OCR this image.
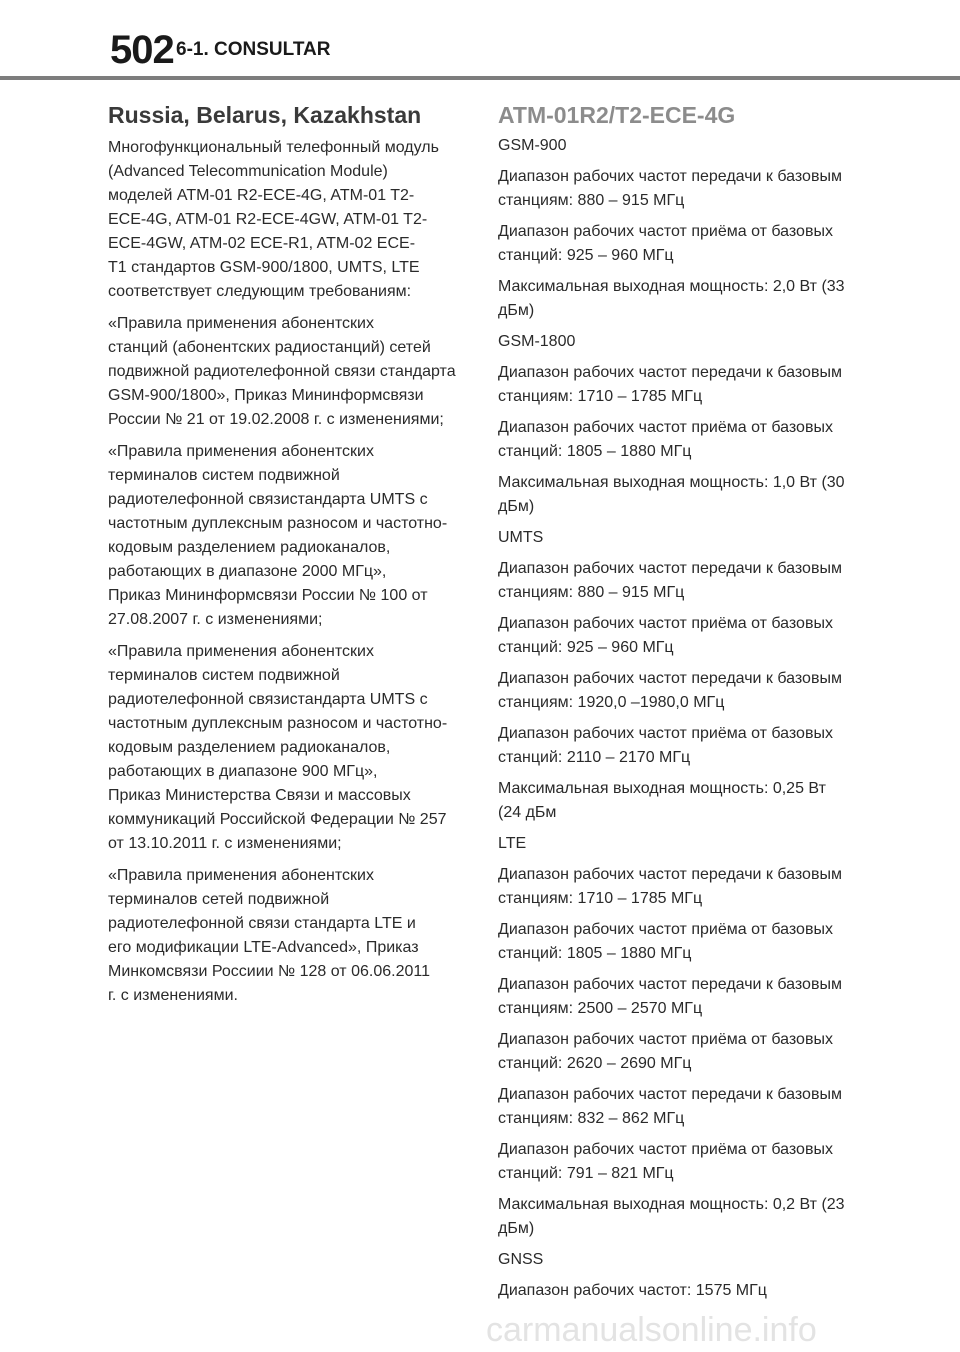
502 6-1. CONSULTAR
Russia, Belarus, Kazakhstan
Многофункциональный телефонный модуль
(Advanced Telecommunication Module)
моделей ATM-01 R2-ECE-4G, ATM-01 T2-
ECE-4G, ATM-01 R2-ECE-4GW, ATM-01 T2-
ECE-4GW, ATM-02 ECE-R1, ATM-02 ECE-
T1 стандартов GSM-900/1800, UMTS, LTE
соответствует следующим требованиям:
«Правила применения абонентских
станций (абонентских радиостанций) сетей
подвижной радиотелефонной связи стандарта
GSM-900/1800», Приказ Мининформсвязи
России № 21 от 19.02.2008 г. с изменениями;
«Правила применения абонентских
терминалов систем подвижной
радиотелефонной связистандарта UMTS с
частотным дуплексным разносом и частотно-
кодовым разделением радиоканалов,
работающих в диапазоне 2000 МГц»,
Приказ Мининформсвязи России № 100 от
27.08.2007 г. с изменениями;
«Правила применения абонентских
терминалов систем подвижной
радиотелефонной связистандарта UMTS с
частотным дуплексным разносом и частотно-
кодовым разделением радиоканалов,
работающих в диапазоне 900 МГц»,
Приказ Министерства Связи и массовых
коммуникаций Российской Федерации № 257
от 13.10.2011 г. с изменениями;
«Правила применения абонентских
терминалов сетей подвижной
радиотелефонной связи стандарта LTE и
его модификации LTE-Advanced», Приказ
Минкомсвязи Россиии № 128 от 06.06.2011
г. с изменениями.
ATM-01R2/T2-ECE-4G
GSM-900
Диапазон рабочих частот передачи к базовым
станциям: 880 – 915 МГц
Диапазон рабочих частот приёма от базовых
станций: 925 – 960 МГц
Максимальная выходная мощность: 2,0 Вт (33
дБм)
GSM-1800
Диапазон рабочих частот передачи к базовым
станциям: 1710 – 1785 МГц
Диапазон рабочих частот приёма от базовых
станций: 1805 – 1880 МГц
Максимальная выходная мощность: 1,0 Вт (30
дБм)
UMTS
Диапазон рабочих частот передачи к базовым
станциям: 880 – 915 МГц
Диапазон рабочих частот приёма от базовых
станций: 925 – 960 МГц
Диапазон рабочих частот передачи к базовым
станциям: 1920,0 –1980,0 МГц
Диапазон рабочих частот приёма от базовых
станций: 2110 – 2170 МГц
Максимальная выходная мощность: 0,25 Вт
(24 дБм
LTE
Диапазон рабочих частот передачи к базовым
станциям: 1710 – 1785 МГц
Диапазон рабочих частот приёма от базовых
станций: 1805 – 1880 МГц
Диапазон рабочих частот передачи к базовым
станциям: 2500 – 2570 МГц
Диапазон рабочих частот приёма от базовых
станций: 2620 – 2690 МГц
Диапазон рабочих частот передачи к базовым
станциям: 832 – 862 МГц
Диапазон рабочих частот приёма от базовых
станций: 791 – 821 МГц
Максимальная выходная мощность: 0,2 Вт (23
дБм)
GNSS
Диапазон рабочих частот: 1575 МГц
carmanualsonline.info
